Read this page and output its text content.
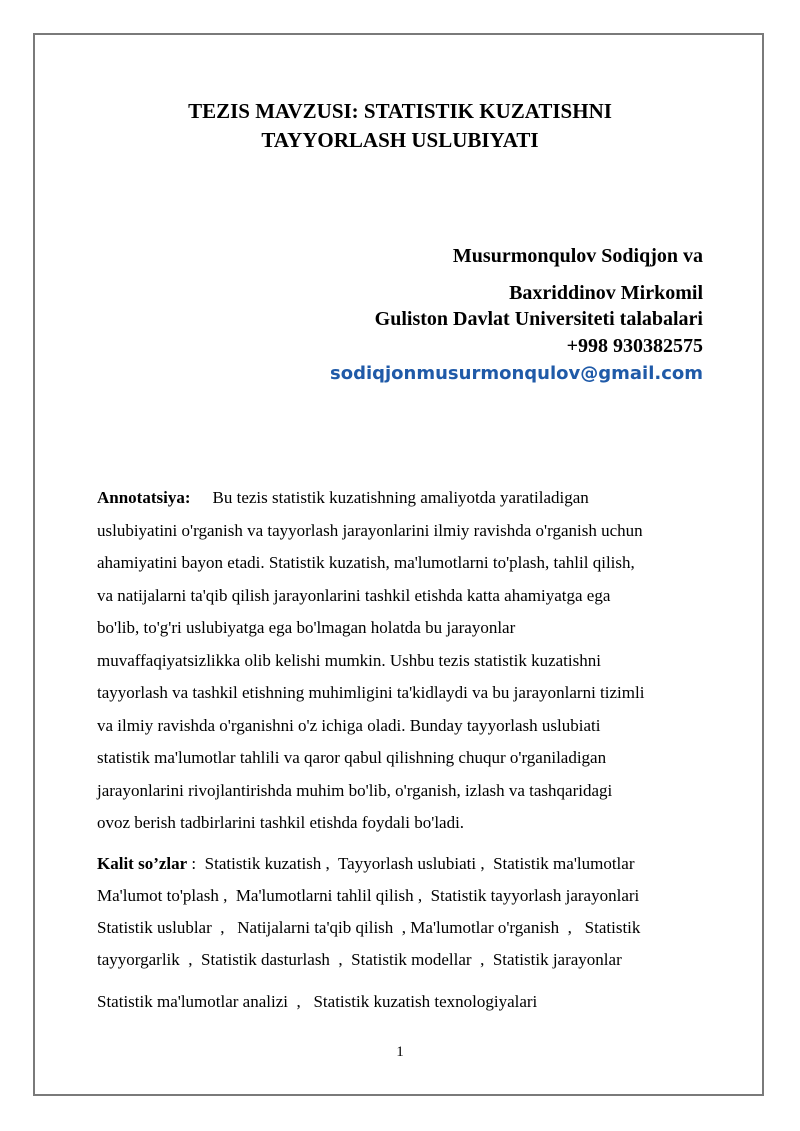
TEZIS MAVZUSI: STATISTIK KUZATISHNI
TAYYORLASH USLUBIYATI
Musurmonqulov Sodiqjon va
Baxriddinov Mirkomil
Guliston Davlat Universiteti talabalari
+998 930382575
sodiqjonmusurmonqulov@gmail.com
Annotatsiya: Bu tezis statistik kuzatishning amaliyotda yaratiladigan
uslubiyatini o'rganish va tayyorlash jarayonlarini ilmiy ravishda o'rganish uchun
ahamiyatini bayon etadi. Statistik kuzatish, ma'lumotlarni to'plash, tahlil qilish,
va natijalarni ta'qib qilish jarayonlarini tashkil etishda katta ahamiyatga ega
bo'lib, to'g'ri uslubiyatga ega bo'lmagan holatda bu jarayonlar
muvaffaqiyatsizlikka olib kelishi mumkin. Ushbu tezis statistik kuzatishni
tayyorlash va tashkil etishning muhimligini ta'kidlaydi va bu jarayonlarni tizimli
va ilmiy ravishda o'rganishni o'z ichiga oladi. Bunday tayyorlash uslubiati
statistik ma'lumotlar tahlili va qaror qabul qilishning chuqur o'rganiladigan
jarayonlarini rivojlantirishda muhim bo'lib, o'rganish, izlash va tashqaridagi
ovoz berish tadbirlarini tashkil etishda foydali bo'ladi.
Kalit so’zlar :  Statistik kuzatish ,  Tayyorlash uslubiati ,  Statistik ma'lumotlar
Ma'lumot to'plash ,  Ma'lumotlarni tahlil qilish ,  Statistik tayyorlash jarayonlari
Statistik uslublar  ,   Natijalarni ta'qib qilish  , Ma'lumotlar o'rganish  ,   Statistik
tayyorgarlik  ,  Statistik dasturlash  ,  Statistik modellar  ,  Statistik jarayonlar
Statistik ma'lumotlar analizi  ,   Statistik kuzatish texnologiyalari
1
